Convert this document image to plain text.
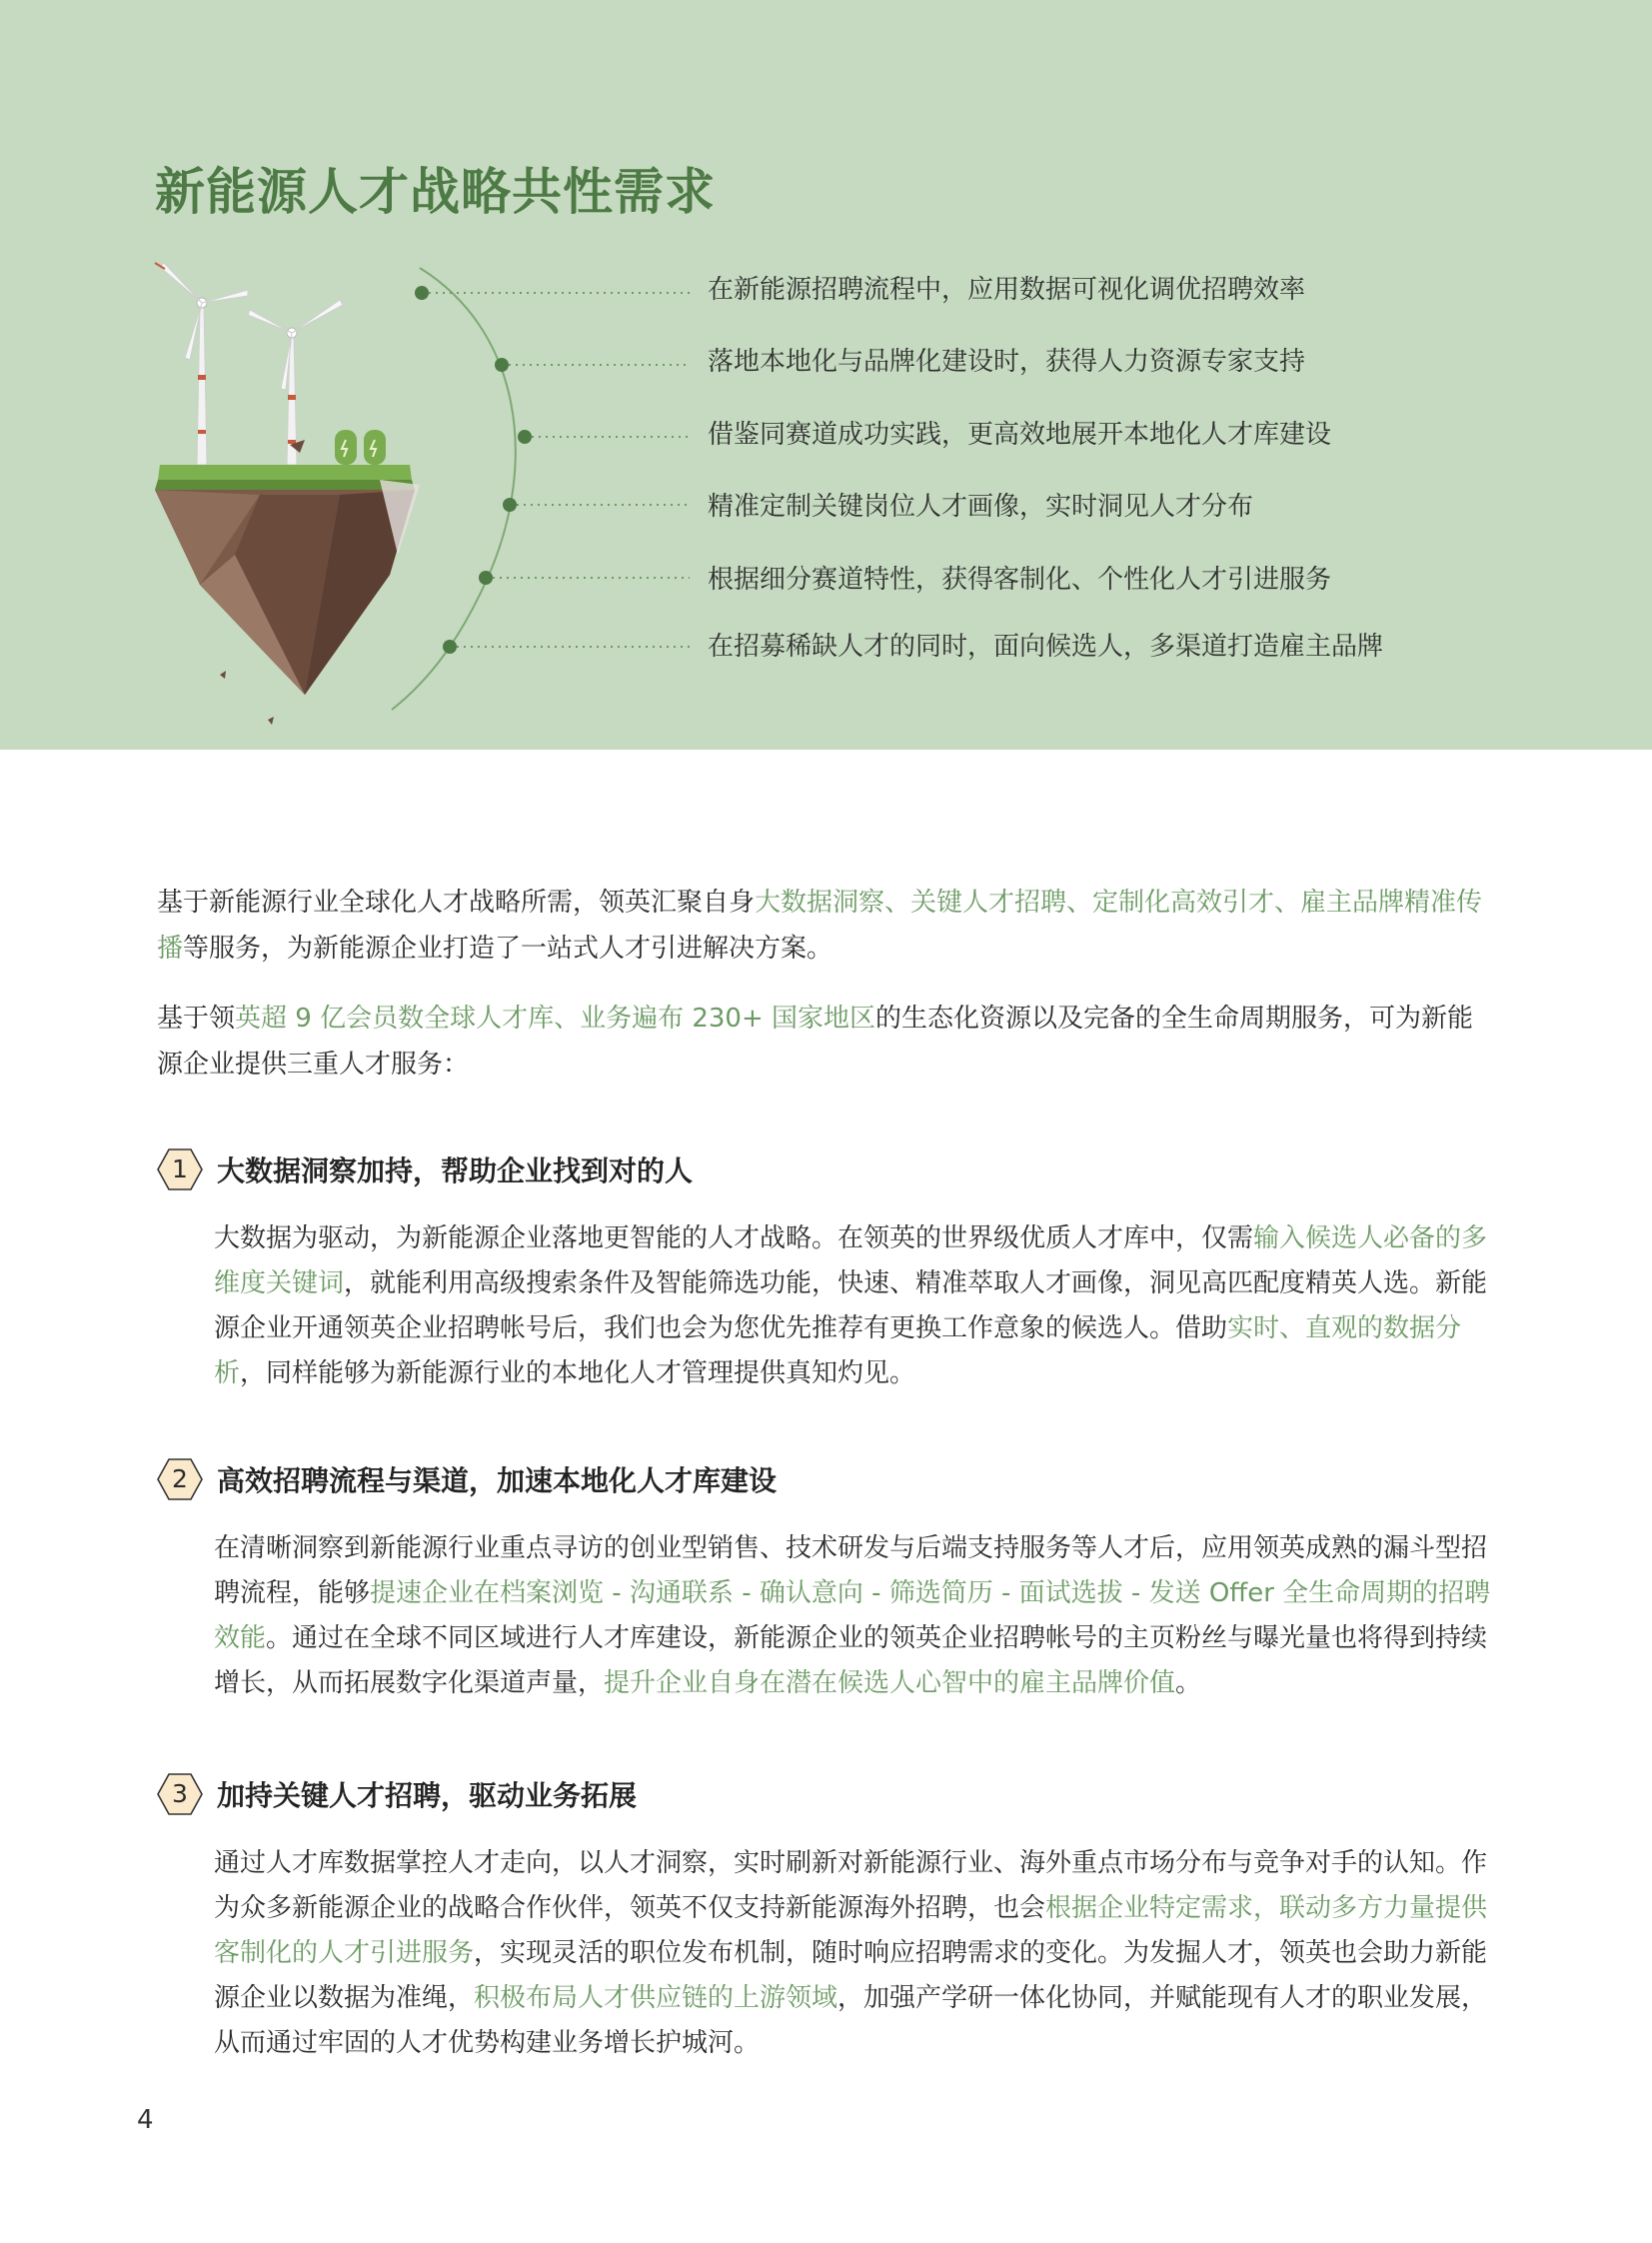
新能源人才战略共性需求
在新能源招聘流程中，应用数据可视化调优招聘效率
落地本地化与品牌化建设时，获得人力资源专家支持
借鉴同赛道成功实践，更高效地展开本地化人才库建设
精准定制关键岗位人才画像，实时洞见人才分布
根据细分赛道特性，获得客制化、个性化人才引进服务
在招募稀缺人才的同时，面向候选人，多渠道打造雇主品牌

基于新能源行业全球化人才战略所需，领英汇聚自身大数据洞察、关键人才招聘、定制化高效引才、雇主品牌精准传播等服务，为新能源企业打造了一站式人才引进解决方案。

基于领英超 9 亿会员数全球人才库、业务遍布 230+ 国家地区的生态化资源以及完备的全生命周期服务，可为新能源企业提供三重人才服务：

1	大数据洞察加持，帮助企业找到对的人
大数据为驱动，为新能源企业落地更智能的人才战略。在领英的世界级优质人才库中，仅需输入候选人必备的多维度关键词，就能利用高级搜索条件及智能筛选功能，快速、精准萃取人才画像，洞见高匹配度精英人选。新能源企业开通领英企业招聘帐号后，我们也会为您优先推荐有更换工作意象的候选人。借助实时、直观的数据分析，同样能够为新能源行业的本地化人才管理提供真知灼见。
2	高效招聘流程与渠道，加速本地化人才库建设
在清晰洞察到新能源行业重点寻访的创业型销售、技术研发与后端支持服务等人才后，应用领英成熟的漏斗型招聘流程，能够提速企业在档案浏览 - 沟通联系 - 确认意向 - 筛选简历 - 面试选拔 - 发送 Offer 全生命周期的招聘效能。通过在全球不同区域进行人才库建设，新能源企业的领英企业招聘帐号的主页粉丝与曝光量也将得到持续增长，从而拓展数字化渠道声量，提升企业自身在潜在候选人心智中的雇主品牌价值。
3	加持关键人才招聘，驱动业务拓展
通过人才库数据掌控人才走向，以人才洞察，实时刷新对新能源行业、海外重点市场分布与竞争对手的认知。作为众多新能源企业的战略合作伙伴，领英不仅支持新能源海外招聘，也会根据企业特定需求，联动多方力量提供客制化的人才引进服务，实现灵活的职位发布机制，随时响应招聘需求的变化。为发掘人才，领英也会助力新能源企业以数据为准绳，积极布局人才供应链的上游领域，加强产学研一体化协同，并赋能现有人才的职业发展，从而通过牢固的人才优势构建业务增长护城河。
4
